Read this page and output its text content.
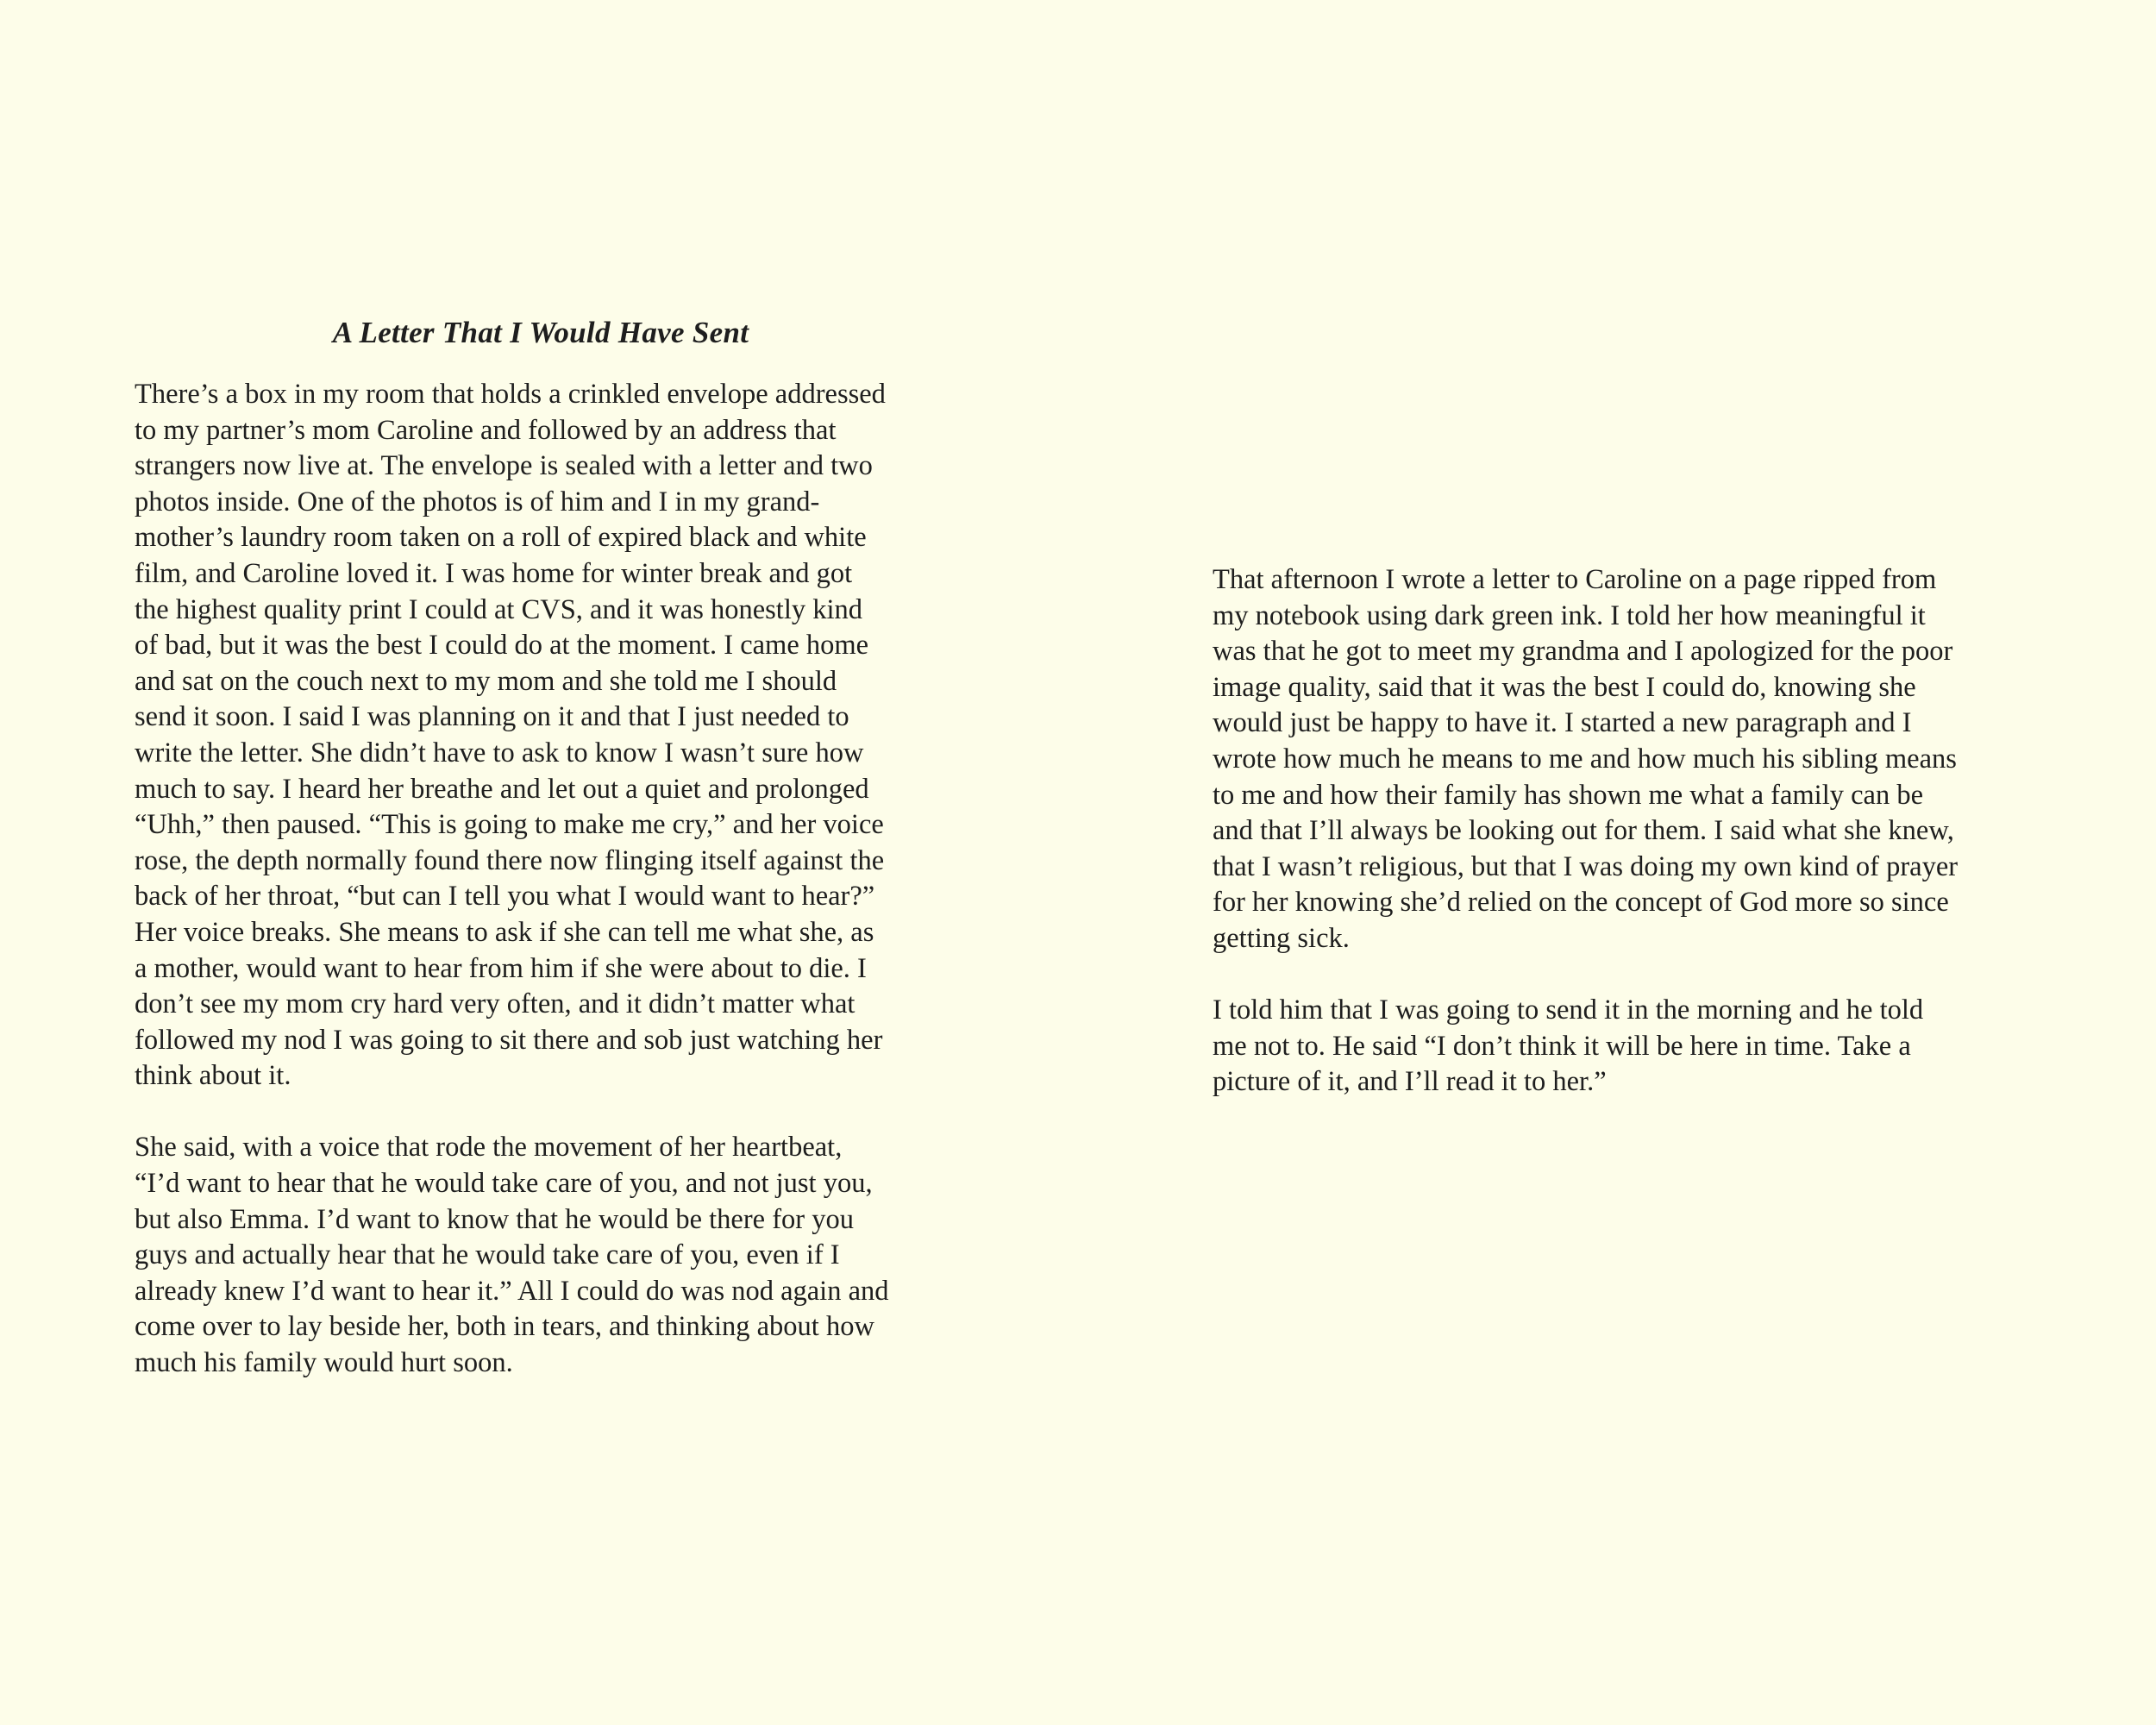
A Letter That I Would Have Sent
There’s a box in my room that holds a crinkled envelope addressed
to my partner’s mom Caroline and followed by an address that
strangers now live at. The envelope is sealed with a letter and two
photos inside. One of the photos is of him and I in my grand-
mother’s laundry room taken on a roll of expired black and white
film, and Caroline loved it. I was home for winter break and got
the highest quality print I could at CVS, and it was honestly kind
of bad, but it was the best I could do at the moment. I came home
and sat on the couch next to my mom and she told me I should
send it soon. I said I was planning on it and that I just needed to
write the letter. She didn’t have to ask to know I wasn’t sure how
much to say. I heard her breathe and let out a quiet and prolonged
“Uhh,” then paused. “This is going to make me cry,” and her voice
rose, the depth normally found there now flinging itself against the
back of her throat, “but can I tell you what I would want to hear?”
Her voice breaks. She means to ask if she can tell me what she, as
a mother, would want to hear from him if she were about to die. I
don’t see my mom cry hard very often, and it didn’t matter what
followed my nod I was going to sit there and sob just watching her
think about it.
She said, with a voice that rode the movement of her heartbeat,
“I’d want to hear that he would take care of you, and not just you,
but also Emma. I’d want to know that he would be there for you
guys and actually hear that he would take care of you, even if I
already knew I’d want to hear it.” All I could do was nod again and
come over to lay beside her, both in tears, and thinking about how
much his family would hurt soon.
That afternoon I wrote a letter to Caroline on a page ripped from
my notebook using dark green ink. I told her how meaningful it
was that he got to meet my grandma and I apologized for the poor
image quality, said that it was the best I could do, knowing she
would just be happy to have it. I started a new paragraph and I
wrote how much he means to me and how much his sibling means
to me and how their family has shown me what a family can be
and that I’ll always be looking out for them. I said what she knew,
that I wasn’t religious, but that I was doing my own kind of prayer
for her knowing she’d relied on the concept of God more so since
getting sick.
I told him that I was going to send it in the morning and he told
me not to. He said “I don’t think it will be here in time. Take a
picture of it, and I’ll read it to her.”
